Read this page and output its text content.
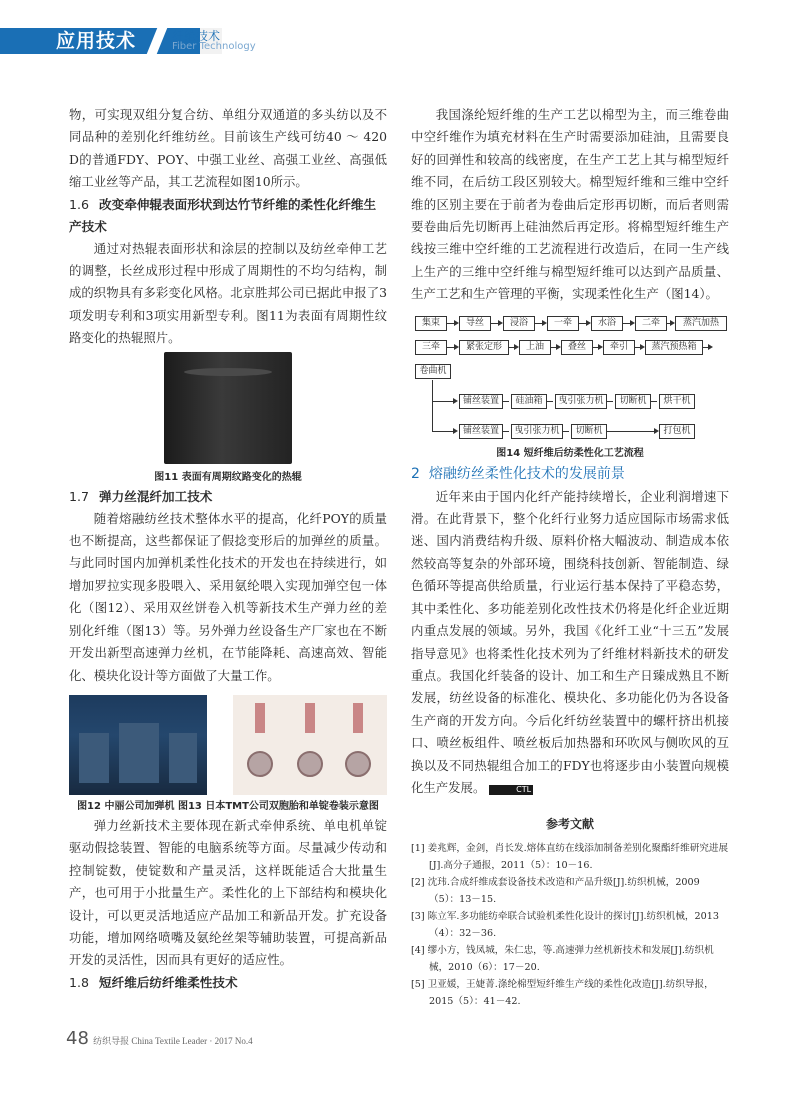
应用技术	纤维技术
Fiber Technology

物，可实现双组分复合纺、单组分双通道的多头纺以及不同品种的差别化纤维纺丝。目前该生产线可纺40 ～ 420 D的普通FDY、POY、中强工业丝、高强工业丝、高强低缩工业丝等产品，其工艺流程如图10所示。

1.6 改变牵伸辊表面形状到达竹节纤维的柔性化纤维生产技术

通过对热辊表面形状和涂层的控制以及纺丝牵伸工艺的调整，长丝成形过程中形成了周期性的不均匀结构，制成的织物具有多彩变化风格。北京胜邦公司已据此申报了3项发明专利和3项实用新型专利。图11为表面有周期性纹路变化的热辊照片。

图11 表面有周期纹路变化的热辊
1.7 弹力丝混纤加工技术

随着熔融纺丝技术整体水平的提高，化纤POY的质量也不断提高，这些都保证了假捻变形后的加弹丝的质量。与此同时国内加弹机柔性化技术的开发也在持续进行，如增加罗拉实现多股喂入、采用氨纶喂入实现加弹空包一体化（图12）、采用双丝饼卷入机等新技术生产弹力丝的差别化纤维（图13）等。另外弹力丝设备生产厂家也在不断开发出新型高速弹力丝机，在节能降耗、高速高效、智能化、模块化设计等方面做了大量工作。

图12 中丽公司加弹机 图13 日本TMT公司双胞胎和单锭卷装示意图

弹力丝新技术主要体现在新式牵伸系统、单电机单锭驱动假捻装置、智能的电脑系统等方面。尽量减少传动和控制锭数，使锭数和产量灵活，这样既能适合大批量生产，也可用于小批量生产。柔性化的上下部结构和模块化设计，可以更灵活地适应产品加工和新品开发。扩充设备功能，增加网络喷嘴及氨纶丝架等辅助装置，可提高新品开发的灵活性，因而具有更好的适应性。

1.8 短纤维后纺纤维柔性技术

我国涤纶短纤维的生产工艺以棉型为主，而三维卷曲中空纤维作为填充材料在生产时需要添加硅油，且需要良好的回弹性和较高的线密度，在生产工艺上其与棉型短纤维不同，在后纺工段区别较大。棉型短纤维和三维中空纤维的区别主要在于前者为卷曲后定形再切断，而后者则需要卷曲后先切断再上硅油然后再定形。将棉型短纤维生产线按三维中空纤维的工艺流程进行改造后，在同一生产线上生产的三维中空纤维与棉型短纤维可以达到产品质量、生产工艺和生产管理的平衡，实现柔性化生产（图14）。

集束	导丝	浸浴	一牵	水浴	二牵	蒸汽加热
三牵	紧张定形	上油	叠丝	牵引	蒸汽预热箱
卷曲机
铺丝装置	硅油箱	曳引张力机	切断机	烘干机
铺丝装置	曳引张力机	切断机	打包机
图14 短纤维后纺柔性化工艺流程
2 熔融纺丝柔性化技术的发展前景

近年来由于国内化纤产能持续增长，企业利润增速下滑。在此背景下，整个化纤行业努力适应国际市场需求低迷、国内消费结构升级、原料价格大幅波动、制造成本依然较高等复杂的外部环境，围绕科技创新、智能制造、绿色循环等提高供给质量，行业运行基本保持了平稳态势，其中柔性化、多功能差别化改性技术仍将是化纤企业近期内重点发展的领域。另外，我国《化纤工业“十三五”发展指导意见》也将柔性化技术列为了纤维材料新技术的研发重点。我国化纤装备的设计、加工和生产日臻成熟且不断发展，纺丝设备的标准化、模块化、多功能化仍为各设备生产商的开发方向。今后化纤纺丝装置中的螺杆挤出机接口、喷丝板组件、喷丝板后加热器和环吹风与侧吹风的互换以及不同热辊组合加工的FDY也将逐步由小装置向规模化生产发展。	CTL

参考文献
[1] 姜兆辉，金剑，肖长发.熔体直纺在线添加制备差别化聚酯纤维研究进展[J].高分子通报，2011（5）：10－16.
[2] 沈玮.合成纤维成套设备技术改造和产品升级[J].纺织机械，2009（5）：13－15.
[3] 陈立军.多功能纺牵联合试验机柔性化设计的探讨[J].纺织机械，2013（4）：32－36.
[4] 缪小方，钱凤城，朱仁忠，等.高速弹力丝机新技术和发展[J].纺织机械，2010（6）：17－20.
[5] 卫亚媛，王婕菁.涤纶棉型短纤维生产线的柔性化改造[J].纺织导报，2015（5）：41－42.
48 纺织导报 China Textile Leader · 2017 No.4
